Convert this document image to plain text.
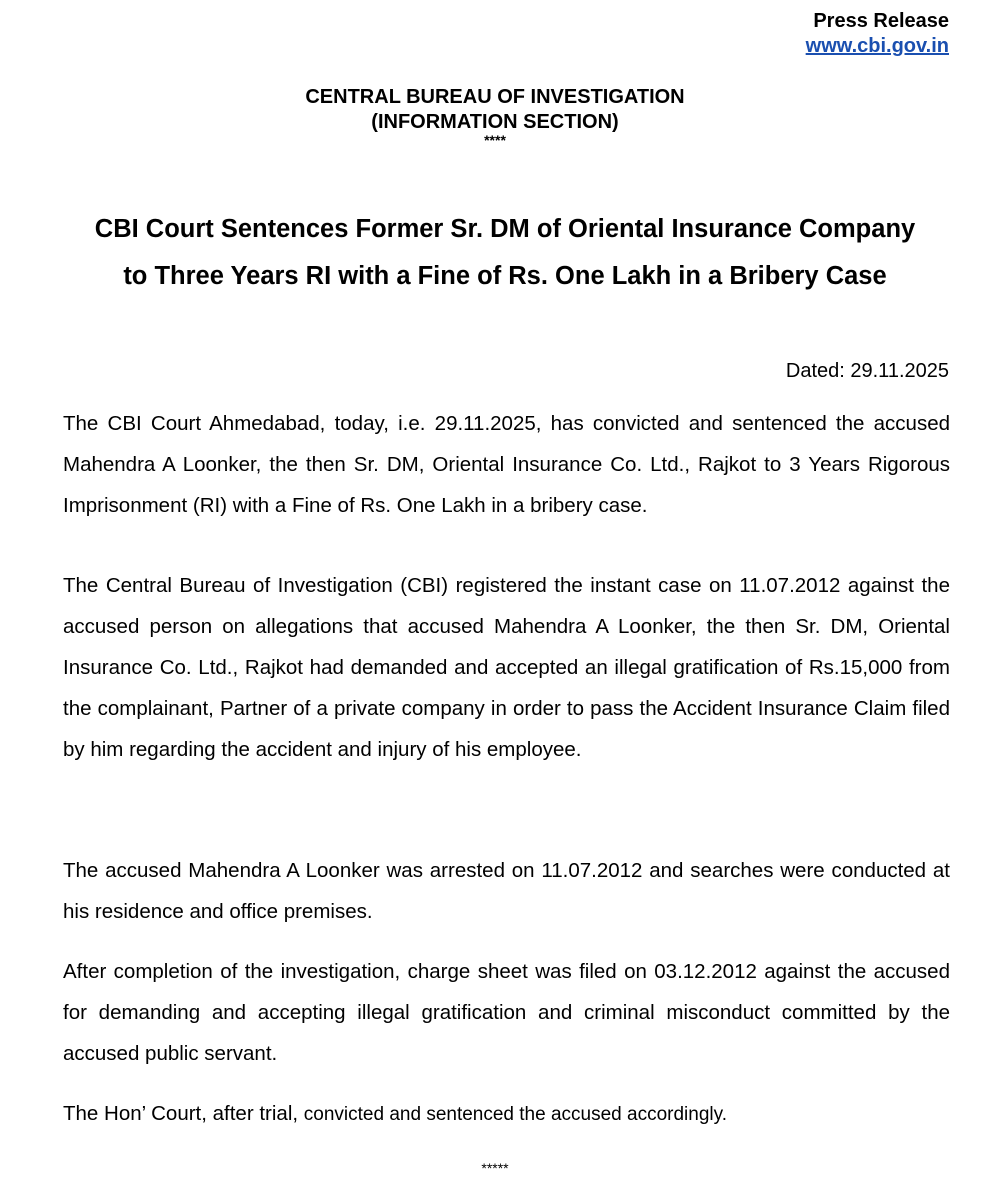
Press Release
www.cbi.gov.in
CENTRAL BUREAU OF INVESTIGATION
(INFORMATION SECTION)
****
CBI Court Sentences Former Sr. DM of Oriental Insurance Company
to Three Years RI with a Fine of Rs. One Lakh in a Bribery Case
Dated: 29.11.2025

The CBI Court Ahmedabad, today, i.e. 29.11.2025, has convicted and sentenced the accused Mahendra A Loonker, the then Sr. DM, Oriental Insurance Co. Ltd., Rajkot to 3 Years Rigorous Imprisonment (RI) with a Fine of Rs. One Lakh in a bribery case.

The Central Bureau of Investigation (CBI) registered the instant case on 11.07.2012 against the accused person on allegations that accused Mahendra A Loonker, the then Sr. DM, Oriental Insurance Co. Ltd., Rajkot had demanded and accepted an illegal gratification of Rs.15,000 from the complainant, Partner of a private company in order to pass the Accident Insurance Claim filed by him regarding the accident and injury of his employee.

The accused Mahendra A Loonker was arrested on 11.07.2012 and searches were conducted at his residence and office premises.

After completion of the investigation, charge sheet was filed on 03.12.2012 against the accused for demanding and accepting illegal gratification and criminal misconduct committed by the accused public servant.

The Hon’ Court, after trial, convicted and sentenced the accused accordingly.

*****
